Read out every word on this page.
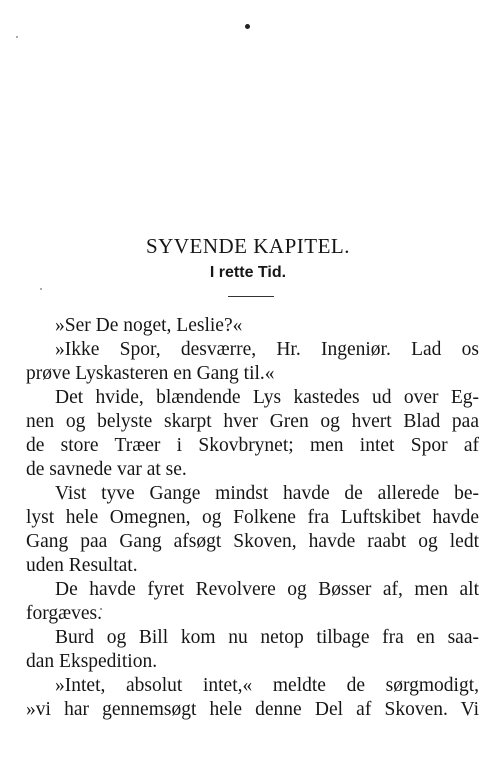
SYVENDE KAPITEL.
I rette Tid.
»Ser De noget, Leslie?«
»Ikke Spor, desværre, Hr. Ingeniør. Lad os
prøve Lyskasteren en Gang til.«
Det hvide, blændende Lys kastedes ud over Eg-
nen og belyste skarpt hver Gren og hvert Blad paa
de store Træer i Skovbrynet; men intet Spor af
de savnede var at se.
Vist tyve Gange mindst havde de allerede be-
lyst hele Omegnen, og Folkene fra Luftskibet havde
Gang paa Gang afsøgt Skoven, havde raabt og ledt
uden Resultat.
De havde fyret Revolvere og Bøsser af, men alt
forgæves.
Burd og Bill kom nu netop tilbage fra en saa-
dan Ekspedition.
»Intet, absolut intet,« meldte de sørgmodigt,
»vi har gennemsøgt hele denne Del af Skoven. Vi
